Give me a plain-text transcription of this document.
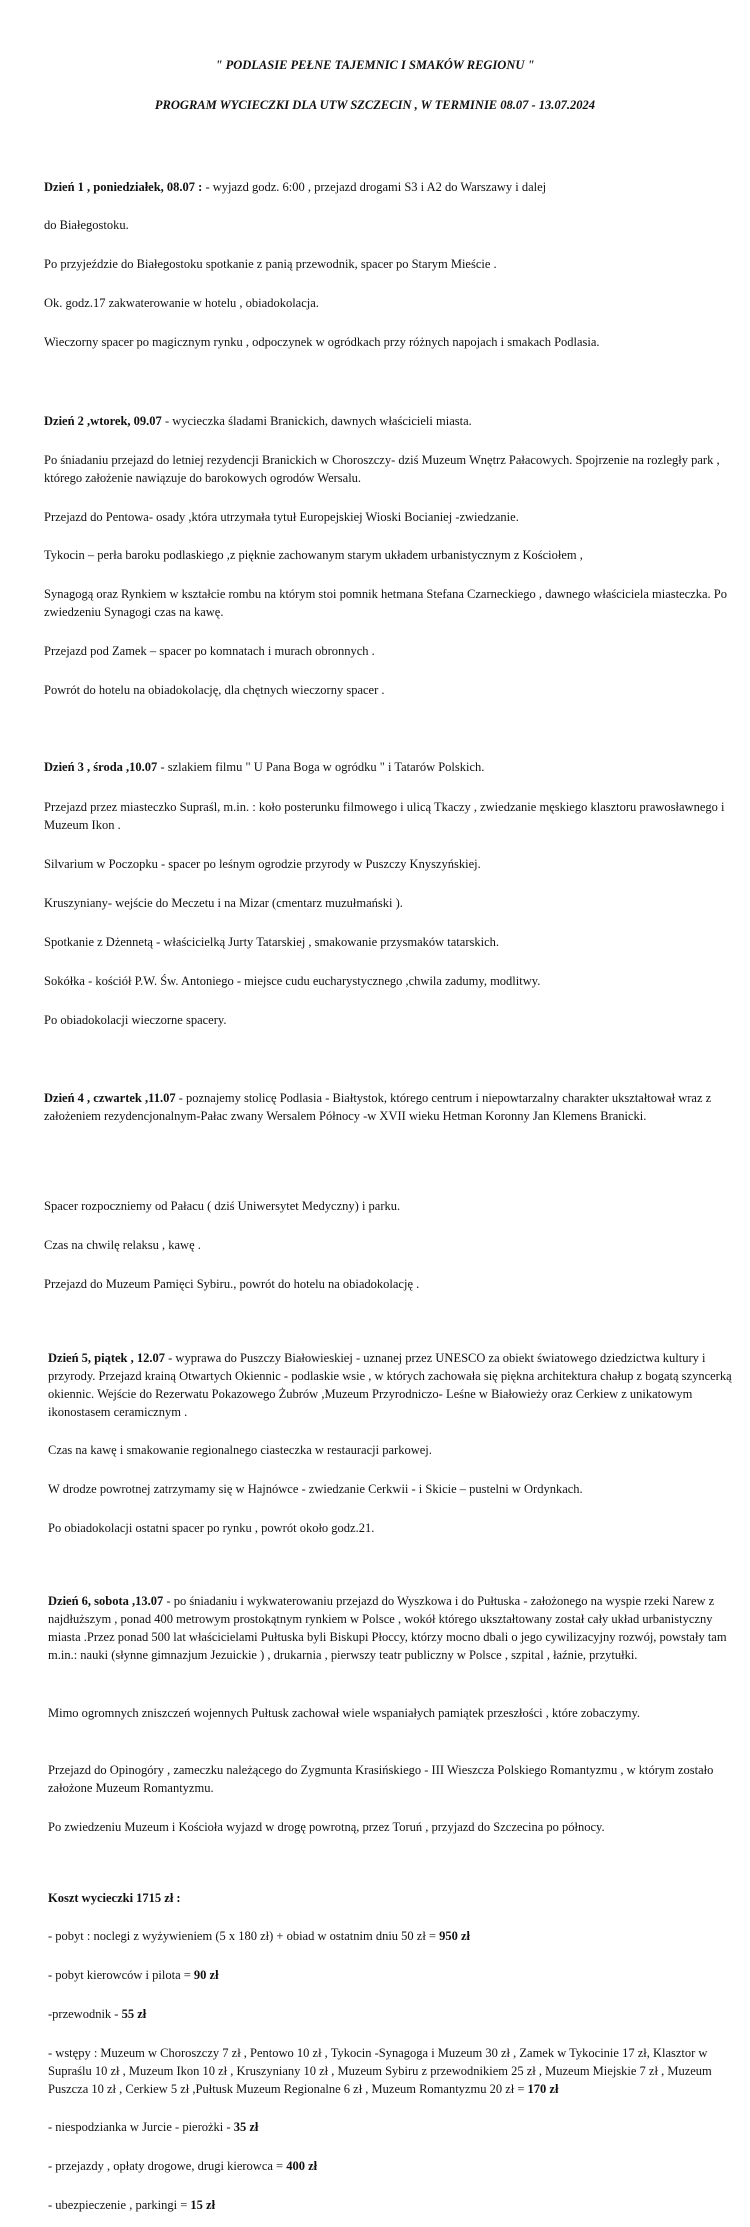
" PODLASIE PEŁNE TAJEMNIC I SMAKÓW REGIONU "
PROGRAM WYCIECZKI DLA UTW SZCZECIN , W TERMINIE 08.07 - 13.07.2024

Dzień 1 , poniedziałek, 08.07 : - wyjazd godz. 6:00 , przejazd drogami S3 i A2 do Warszawy i dalej

do Białegostoku.

Po przyjeździe do Białegostoku spotkanie z panią przewodnik, spacer po Starym Mieście .

Ok. godz.17 zakwaterowanie w hotelu , obiadokolacja.

Wieczorny spacer po magicznym rynku , odpoczynek w ogródkach przy różnych napojach i smakach Podlasia.

Dzień 2 ,wtorek, 09.07 - wycieczka śladami Branickich, dawnych właścicieli miasta.

Po śniadaniu przejazd do letniej rezydencji Branickich w Choroszczy- dziś Muzeum Wnętrz Pałacowych. Spojrzenie na rozległy park , którego założenie nawiązuje do barokowych ogrodów Wersalu.

Przejazd do Pentowa- osady ,która utrzymała tytuł Europejskiej Wioski Bocianiej -zwiedzanie.

Tykocin – perła baroku podlaskiego ,z pięknie zachowanym starym układem urbanistycznym z Kościołem ,

Synagogą oraz Rynkiem w kształcie rombu na którym stoi pomnik hetmana Stefana Czarneckiego , dawnego właściciela miasteczka. Po zwiedzeniu Synagogi czas na kawę.

Przejazd pod Zamek – spacer po komnatach i murach obronnych .

Powrót do hotelu na obiadokolację, dla chętnych wieczorny spacer .

Dzień 3 , środa ,10.07 - szlakiem filmu " U Pana Boga w ogródku " i Tatarów Polskich.

Przejazd przez miasteczko Supraśl, m.in. : koło posterunku filmowego i ulicą Tkaczy , zwiedzanie męskiego klasztoru prawosławnego i Muzeum Ikon .

Silvarium w Poczopku - spacer po leśnym ogrodzie przyrody w Puszczy Knyszyńskiej.

Kruszyniany- wejście do Meczetu i na Mizar (cmentarz muzułmański ).

Spotkanie z Dżennetą - właścicielką Jurty Tatarskiej , smakowanie przysmaków tatarskich.

Sokółka - kościół P.W. Św. Antoniego - miejsce cudu eucharystycznego ,chwila zadumy, modlitwy.

Po obiadokolacji wieczorne spacery.

Dzień 4 , czwartek ,11.07 - poznajemy stolicę Podlasia - Białtystok, którego centrum i niepowtarzalny charakter ukształtował wraz z założeniem rezydencjonalnym-Pałac zwany Wersalem Północy -w XVII wieku Hetman Koronny Jan Klemens Branicki.

Spacer rozpoczniemy od Pałacu ( dziś Uniwersytet Medyczny) i parku.

Czas na chwilę relaksu , kawę .

Przejazd do Muzeum Pamięci Sybiru., powrót do hotelu na obiadokolację .

Dzień 5, piątek , 12.07 - wyprawa do Puszczy Białowieskiej - uznanej przez UNESCO za obiekt światowego dziedzictwa kultury i przyrody. Przejazd krainą Otwartych Okiennic - podlaskie wsie , w których zachowała się piękna architektura chałup z bogatą szyncerką okiennic. Wejście do Rezerwatu Pokazowego Żubrów ,Muzeum Przyrodniczo- Leśne w Białowieży oraz Cerkiew z unikatowym ikonostasem ceramicznym .

Czas na kawę i smakowanie regionalnego ciasteczka w restauracji parkowej.

W drodze powrotnej zatrzymamy się w Hajnówce - zwiedzanie Cerkwii - i Skicie – pustelni w Ordynkach.

Po obiadokolacji ostatni spacer po rynku , powrót około godz.21.

Dzień 6, sobota ,13.07 - po śniadaniu i wykwaterowaniu przejazd do Wyszkowa i do Pułtuska - założonego na wyspie rzeki Narew z najdłuższym , ponad 400 metrowym prostokątnym rynkiem w Polsce , wokół którego ukształtowany został cały układ urbanistyczny miasta .Przez ponad 500 lat właścicielami Pułtuska byli Biskupi Płoccy, którzy mocno dbali o jego cywilizacyjny rozwój, powstały tam m.in.: nauki (słynne gimnazjum Jezuickie ) , drukarnia , pierwszy teatr publiczny w Polsce , szpital , łaźnie, przytułki.

Mimo ogromnych zniszczeń wojennych Pułtusk zachował wiele wspaniałych pamiątek przeszłości , które zobaczymy.

Przejazd do Opinogóry , zameczku należącego do Zygmunta Krasińskiego - III Wieszcza Polskiego Romantyzmu , w którym zostało założone Muzeum Romantyzmu.

Po zwiedzeniu Muzeum i Kościoła wyjazd w drogę powrotną, przez Toruń , przyjazd do Szczecina po północy.

Koszt wycieczki 1715 zł :

- pobyt : noclegi z wyżywieniem (5 x 180 zł) + obiad w ostatnim dniu 50 zł = 950 zł

- pobyt kierowców i pilota = 90 zł

-przewodnik - 55 zł

- wstępy : Muzeum w Choroszczy 7 zł , Pentowo 10 zł , Tykocin -Synagoga i Muzeum 30 zł , Zamek w Tykocinie 17 zł, Klasztor w Supraślu 10 zł , Muzeum Ikon 10 zł , Kruszyniany 10 zł , Muzeum Sybiru z przewodnikiem 25 zł , Muzeum Miejskie 7 zł , Muzeum Puszcza 10 zł , Cerkiew 5 zł ,Pułtusk Muzeum Regionalne 6 zł , Muzeum Romantyzmu 20 zł = 170 zł

- niespodzianka w Jurcie - pierożki - 35 zł

- przejazdy , opłaty drogowe, drugi kierowca = 400 zł

- ubezpieczenie , parkingi = 15 zł
